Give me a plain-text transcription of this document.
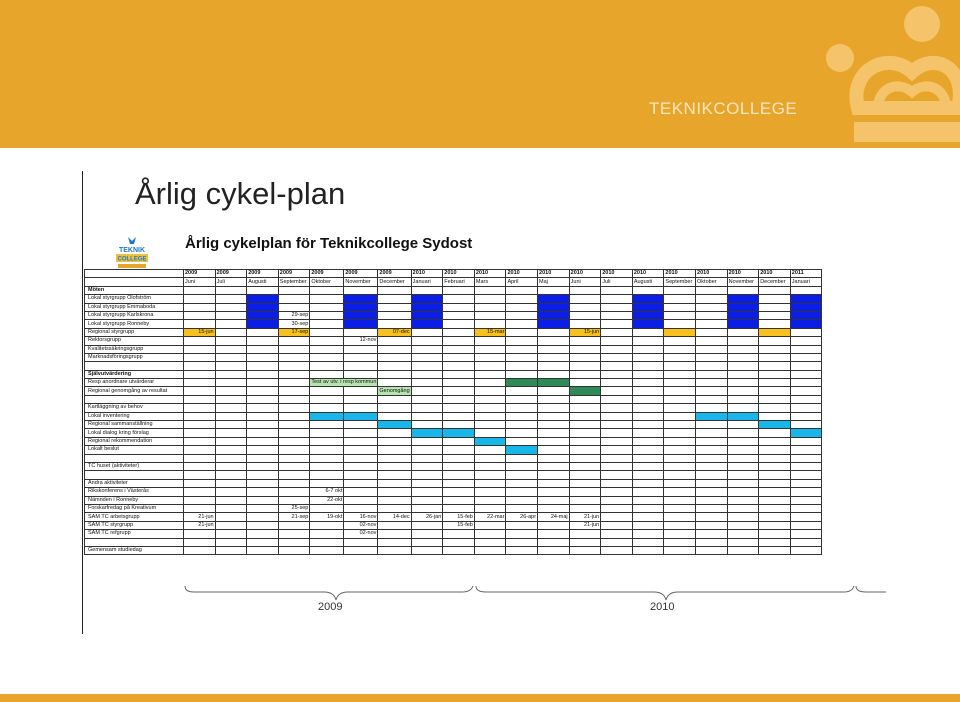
TEKNIKCOLLEGE
Årlig cykel-plan
TEKNIK
COLLEGE
Årlig cykelplan för Teknikcollege Sydost
	2009	2009	2009	2009	2009	2009	2009	2010	2010	2010	2010	2010	2010	2010	2010	2010	2010	2010	2010	2011
	Juni	Juli	Augusti	September	Oktober	November	December	Januari	Februari	Mars	April	Maj	Juni	Juli	Augusti	September	Oktober	November	December	Januari
Möten																				
Lokal styrgrupp Olofström																				
Lokal styrgrupp Emmaboda																				
Lokal styrgrupp Karlskrona				29-sep																
Lokal styrgrupp Ronneby				30-sep																
Regional styrgrupp	15-jun			17-sep			07-dec			15-mar			15-jun							
Rektorsgrupp						12-nov														
Kvalitetssäkringsgrupp																				
Marknadsföringsgrupp																				

Självutvärdering																				
Resp anordnare utvärderar					Test av utv. i resp kommun															
Regional genomgång av resultat							Genomgång													

Kartläggning av behov																				
Lokal inventering																				
Regional sammanställning																				
Lokal dialog kring förslag																				
Regional rekommendation																				
Lokalt beslut																				

TC huset (aktiviteter)																				

Andra aktiviteter																				
Rikskonferens i Västerås					6-7 okt															
Nämnden i Ronneby					22-okt															
Forskarfredag på Kreativum				25-sep																
SAM TC arbetsgrupp	21-jun			21-sep	19-okt	16-nov	14-dec	26-jan	15-feb	22-mar	26-apr	24-maj	21-jun							
SAM TC styrgrupp	21-jun					02-nov			15-feb				21-jun							
SAM TC refgrupp						02-nov														

Gemensam studiedag																				
2009	2010
